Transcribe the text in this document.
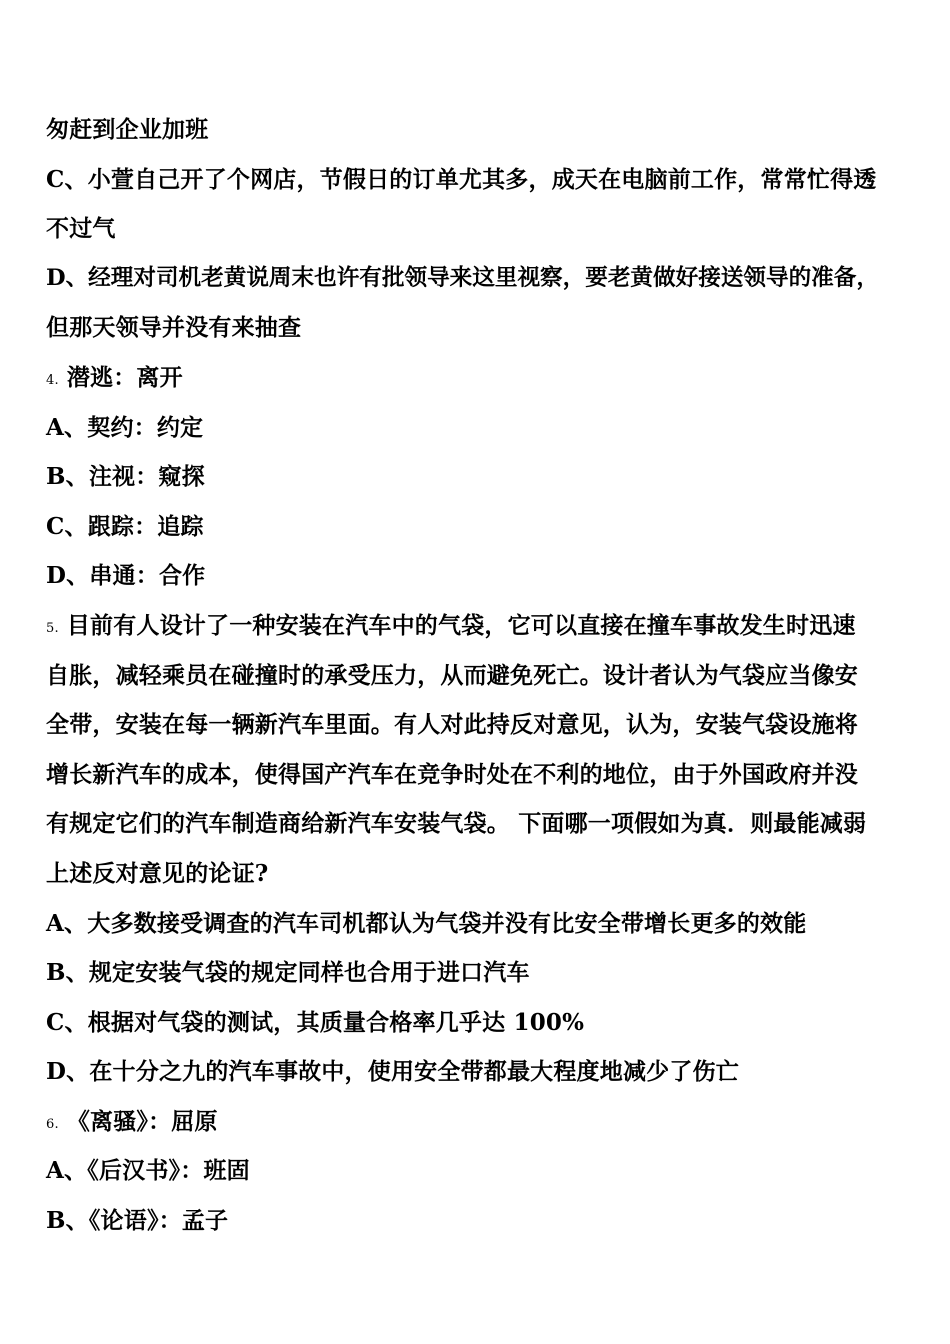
匆赶到企业加班
C、小萱自己开了个网店，节假日的订单尤其多，成天在电脑前工作，常常忙得透
不过气
D、经理对司机老黄说周末也许有批领导来这里视察，要老黄做好接送领导的准备，
但那天领导并没有来抽查
4. 潜逃：离开
A、契约：约定
B、注视：窥探
C、跟踪：追踪
D、串通：合作
5. 目前有人设计了一种安装在汽车中的气袋，它可以直接在撞车事故发生时迅速
自胀，减轻乘员在碰撞时的承受压力，从而避免死亡。设计者认为气袋应当像安
全带，安装在每一辆新汽车里面。有人对此持反对意见，认为，安装气袋设施将
增长新汽车的成本，使得国产汽车在竞争时处在不利的地位，由于外国政府并没
有规定它们的汽车制造商给新汽车安装气袋。 下面哪一项假如为真．则最能减弱
上述反对意见的论证?
A、大多数接受调查的汽车司机都认为气袋并没有比安全带增长更多的效能
B、规定安装气袋的规定同样也合用于进口汽车
C、根据对气袋的测试，其质量合格率几乎达 100%
D、在十分之九的汽车事故中，使用安全带都最大程度地减少了伤亡
6. 《离骚》：屈原
A、《后汉书》：班固
B、《论语》：孟子
